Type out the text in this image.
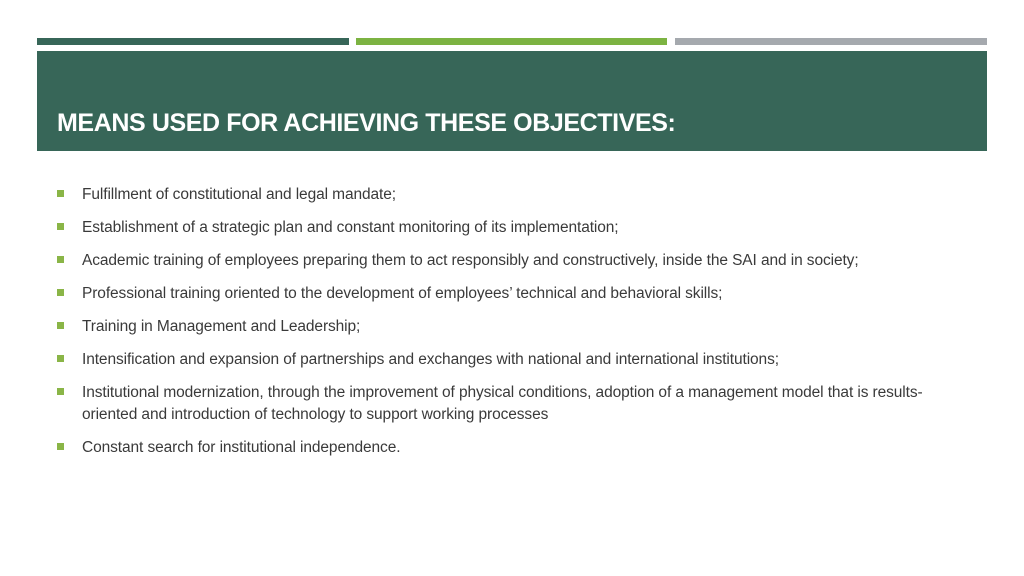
MEANS USED FOR ACHIEVING THESE OBJECTIVES:
Fulfillment of constitutional and legal mandate;
Establishment of a strategic plan and constant monitoring of its implementation;
Academic training of employees preparing them to act responsibly and constructively, inside the SAI and in society;
Professional training oriented to the development of employees’ technical and behavioral skills;
Training in Management and Leadership;
Intensification and expansion of partnerships and exchanges with national and international institutions;
Institutional modernization, through the improvement of physical conditions, adoption of a management model that is results-oriented and introduction of technology to support working processes
Constant search for institutional independence.
